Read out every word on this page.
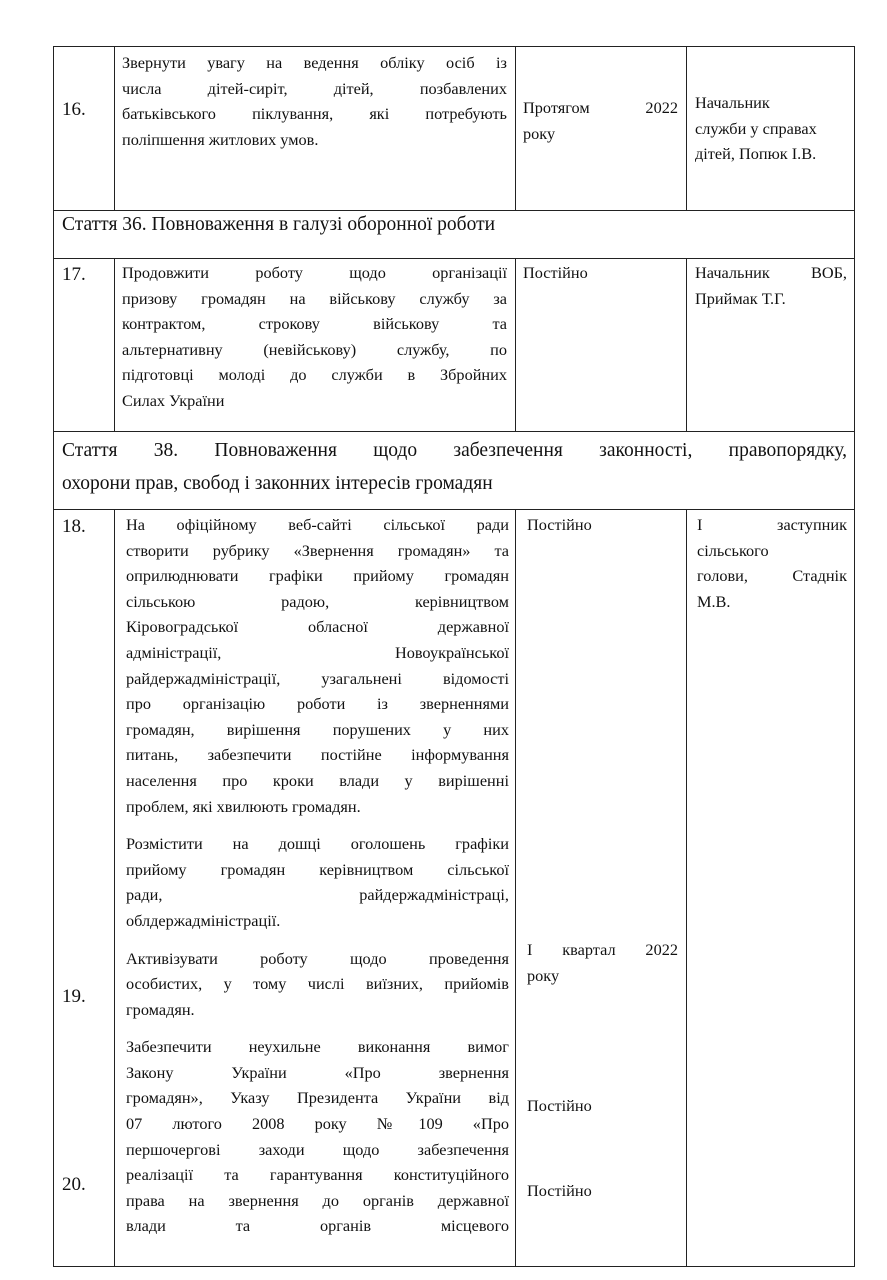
16.
Звернути увагу на ведення обліку осіб із
числа дітей-сиріт, дітей, позбавлених
батьківського піклування, які потребують
поліпшення житлових умов.
Протягом 2022
року
Начальник
служби у справах
дітей, Попюк І.В.
Стаття 36. Повноваження в галузі оборонної роботи
17. Продовжити роботу щодо організації
призову громадян на військову службу за
контрактом, строкову військову та
альтернативну (невійськову) службу, по
підготовці молоді до служби в Збройних
Силах України
Постійно	Начальник ВОБ,
Приймак Т.Г.
Стаття 38. Повноваження щодо забезпечення законності, правопорядку,
охорони прав, свобод і законних інтересів громадян
18.
19.
20.
На офіційному веб-сайті сільської ради
створити рубрику «Звернення громадян» та
оприлюднювати графіки прийому громадян
сільською радою, керівництвом
Кіровоградської обласної державної
адміністрації, Новоукраїнської
райдержадміністрації, узагальнені відомості
про організацію роботи із зверненнями
громадян, вирішення порушених у них
питань, забезпечити постійне інформування
населення про кроки влади у вирішенні
проблем, які хвилюють громадян.
Розмістити на дошці оголошень графіки
прийому громадян керівництвом сільської
ради, райдержадміністраці,
облдержадміністрації.
Активізувати роботу щодо проведення
особистих, у тому числі виїзних, прийомів
громадян.
Забезпечити неухильне виконання вимог
Закону України «Про звернення
громадян», Указу Президента України від
07 лютого 2008 року №109 «Про
першочергові заходи щодо забезпечення
реалізації та гарантування конституційного
права на звернення до органів державної
влади та органів місцевого
Постійно
І квартал 2022
року
Постійно
Постійно
І заступник
сільського
голови, Стаднік
М.В.
